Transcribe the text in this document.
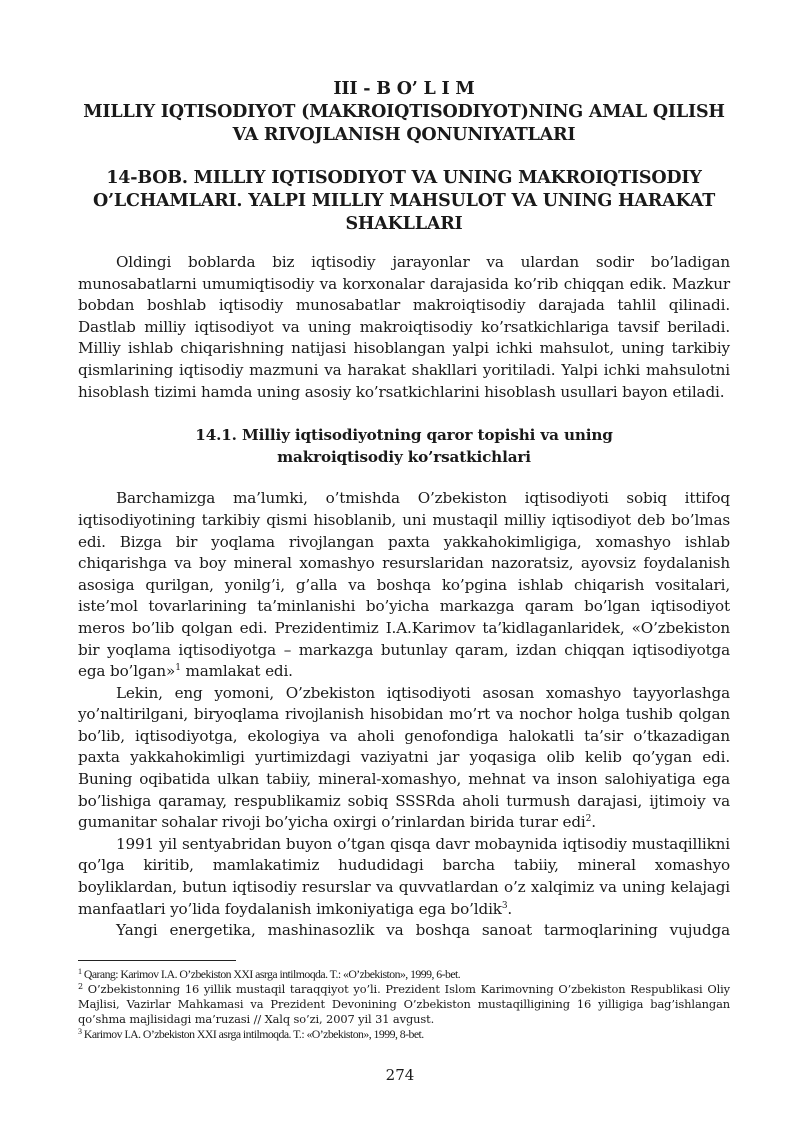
III - B O’ L I M
MILLIY IQTISODIYOT (MAKROIQTISODIYOT)NING AMAL QILISH VA RIVOJLANISH QONUNIYATLARI
14-BOB. MILLIY IQTISODIYOT VA UNING MAKROIQTISODIY O’LCHAMLARI. YALPI MILLIY MAHSULOT VA UNING HARAKAT SHAKLLARI

Oldingi boblarda biz iqtisodiy jarayonlar va ulardan sodir bo’ladigan munosabatlarni umumiqtisodiy va korxonalar darajasida ko’rib chiqqan edik. Mazkur bobdan boshlab iqtisodiy munosabatlar makroiqtisodiy darajada tahlil qilinadi. Dastlab milliy iqtisodiyot va uning makroiqtisodiy ko’rsatkichlariga tavsif beriladi. Milliy ishlab chiqarishning natijasi hisoblangan yalpi ichki mahsulot, uning tarkibiy qismlarining iqtisodiy mazmuni va harakat shakllari yoritiladi. Yalpi ichki mahsulotni hisoblash tizimi hamda uning asosiy ko’rsatkichlarini hisoblash usullari bayon etiladi.

14.1. Milliy iqtisodiyotning qaror topishi va uning
makroiqtisodiy ko’rsatkichlari

Barchamizga ma’lumki, o’tmishda O’zbekiston iqtisodiyoti sobiq ittifoq iqtisodiyotining tarkibiy qismi hisoblanib, uni mustaqil milliy iqtisodiyot deb bo’lmas edi. Bizga bir yoqlama rivojlangan paxta yakkahokimligiga, xomashyo ishlab chiqarishga va boy mineral xomashyo resurslaridan nazoratsiz, ayovsiz foydalanish asosiga qurilgan, yonilg’i, g’alla va boshqa ko’pgina ishlab chiqarish vositalari, iste’mol tovarlarining ta’minlanishi bo’yicha markazga qaram bo’lgan iqtisodiyot meros bo’lib qolgan edi. Prezidentimiz I.A.Karimov ta’kidlaganlaridek, «O’zbekiston bir yoqlama iqtisodiyotga – markazga butunlay qaram, izdan chiqqan iqtisodiyotga ega bo’lgan»$^1$ mamlakat edi.

Lekin, eng yomoni, O’zbekiston iqtisodiyoti asosan xomashyo tayyorlashga yo’naltirilgani, biryoqlama rivojlanish hisobidan mo’rt va nochor holga tushib qolgan bo’lib, iqtisodiyotga, ekologiya va aholi genofondiga halokatli ta’sir o’tkazadigan paxta yakkahokimligi yurtimizdagi vaziyatni jar yoqasiga olib kelib qo’ygan edi. Buning oqibatida ulkan tabiiy, mineral-xomashyo, mehnat va inson salohiyatiga ega bo’lishiga qaramay, respublikamiz sobiq SSSRda aholi turmush darajasi, ijtimoiy va gumanitar sohalar rivoji bo’yicha oxirgi o’rinlardan birida turar edi$^2$.

1991 yil sentyabridan buyon o’tgan qisqa davr mobaynida iqtisodiy mustaqillikni qo’lga kiritib, mamlakatimiz hududidagi barcha tabiiy, mineral xomashyo boyliklardan, butun iqtisodiy resurslar va quvvatlardan o’z xalqimiz va uning kelajagi manfaatlari yo’lida foydalanish imkoniyatiga ega bo’ldik$^3$.

Yangi energetika, mashinasozlik va boshqa sanoat tarmoqlarining vujudga

$^1$ Qarang: Karimov I.A. O’zbekiston XXI asrga intilmoqda. T.: «O’zbekiston», 1999, 6-bet.

$^2$ O’zbekistonning 16 yillik mustaqil taraqqiyot yo’li. Prezident Islom Karimovning O’zbekiston Respublikasi Oliy Majlisi, Vazirlar Mahkamasi va Prezident Devonining O’zbekiston mustaqilligining 16 yilligiga bag’ishlangan qo’shma majlisidagi ma’ruzasi // Xalq so’zi, 2007 yil 31 avgust.

$^3$ Karimov I.A. O’zbekiston XXI asrga intilmoqda. T.: «O’zbekiston», 1999, 8-bet.

274
